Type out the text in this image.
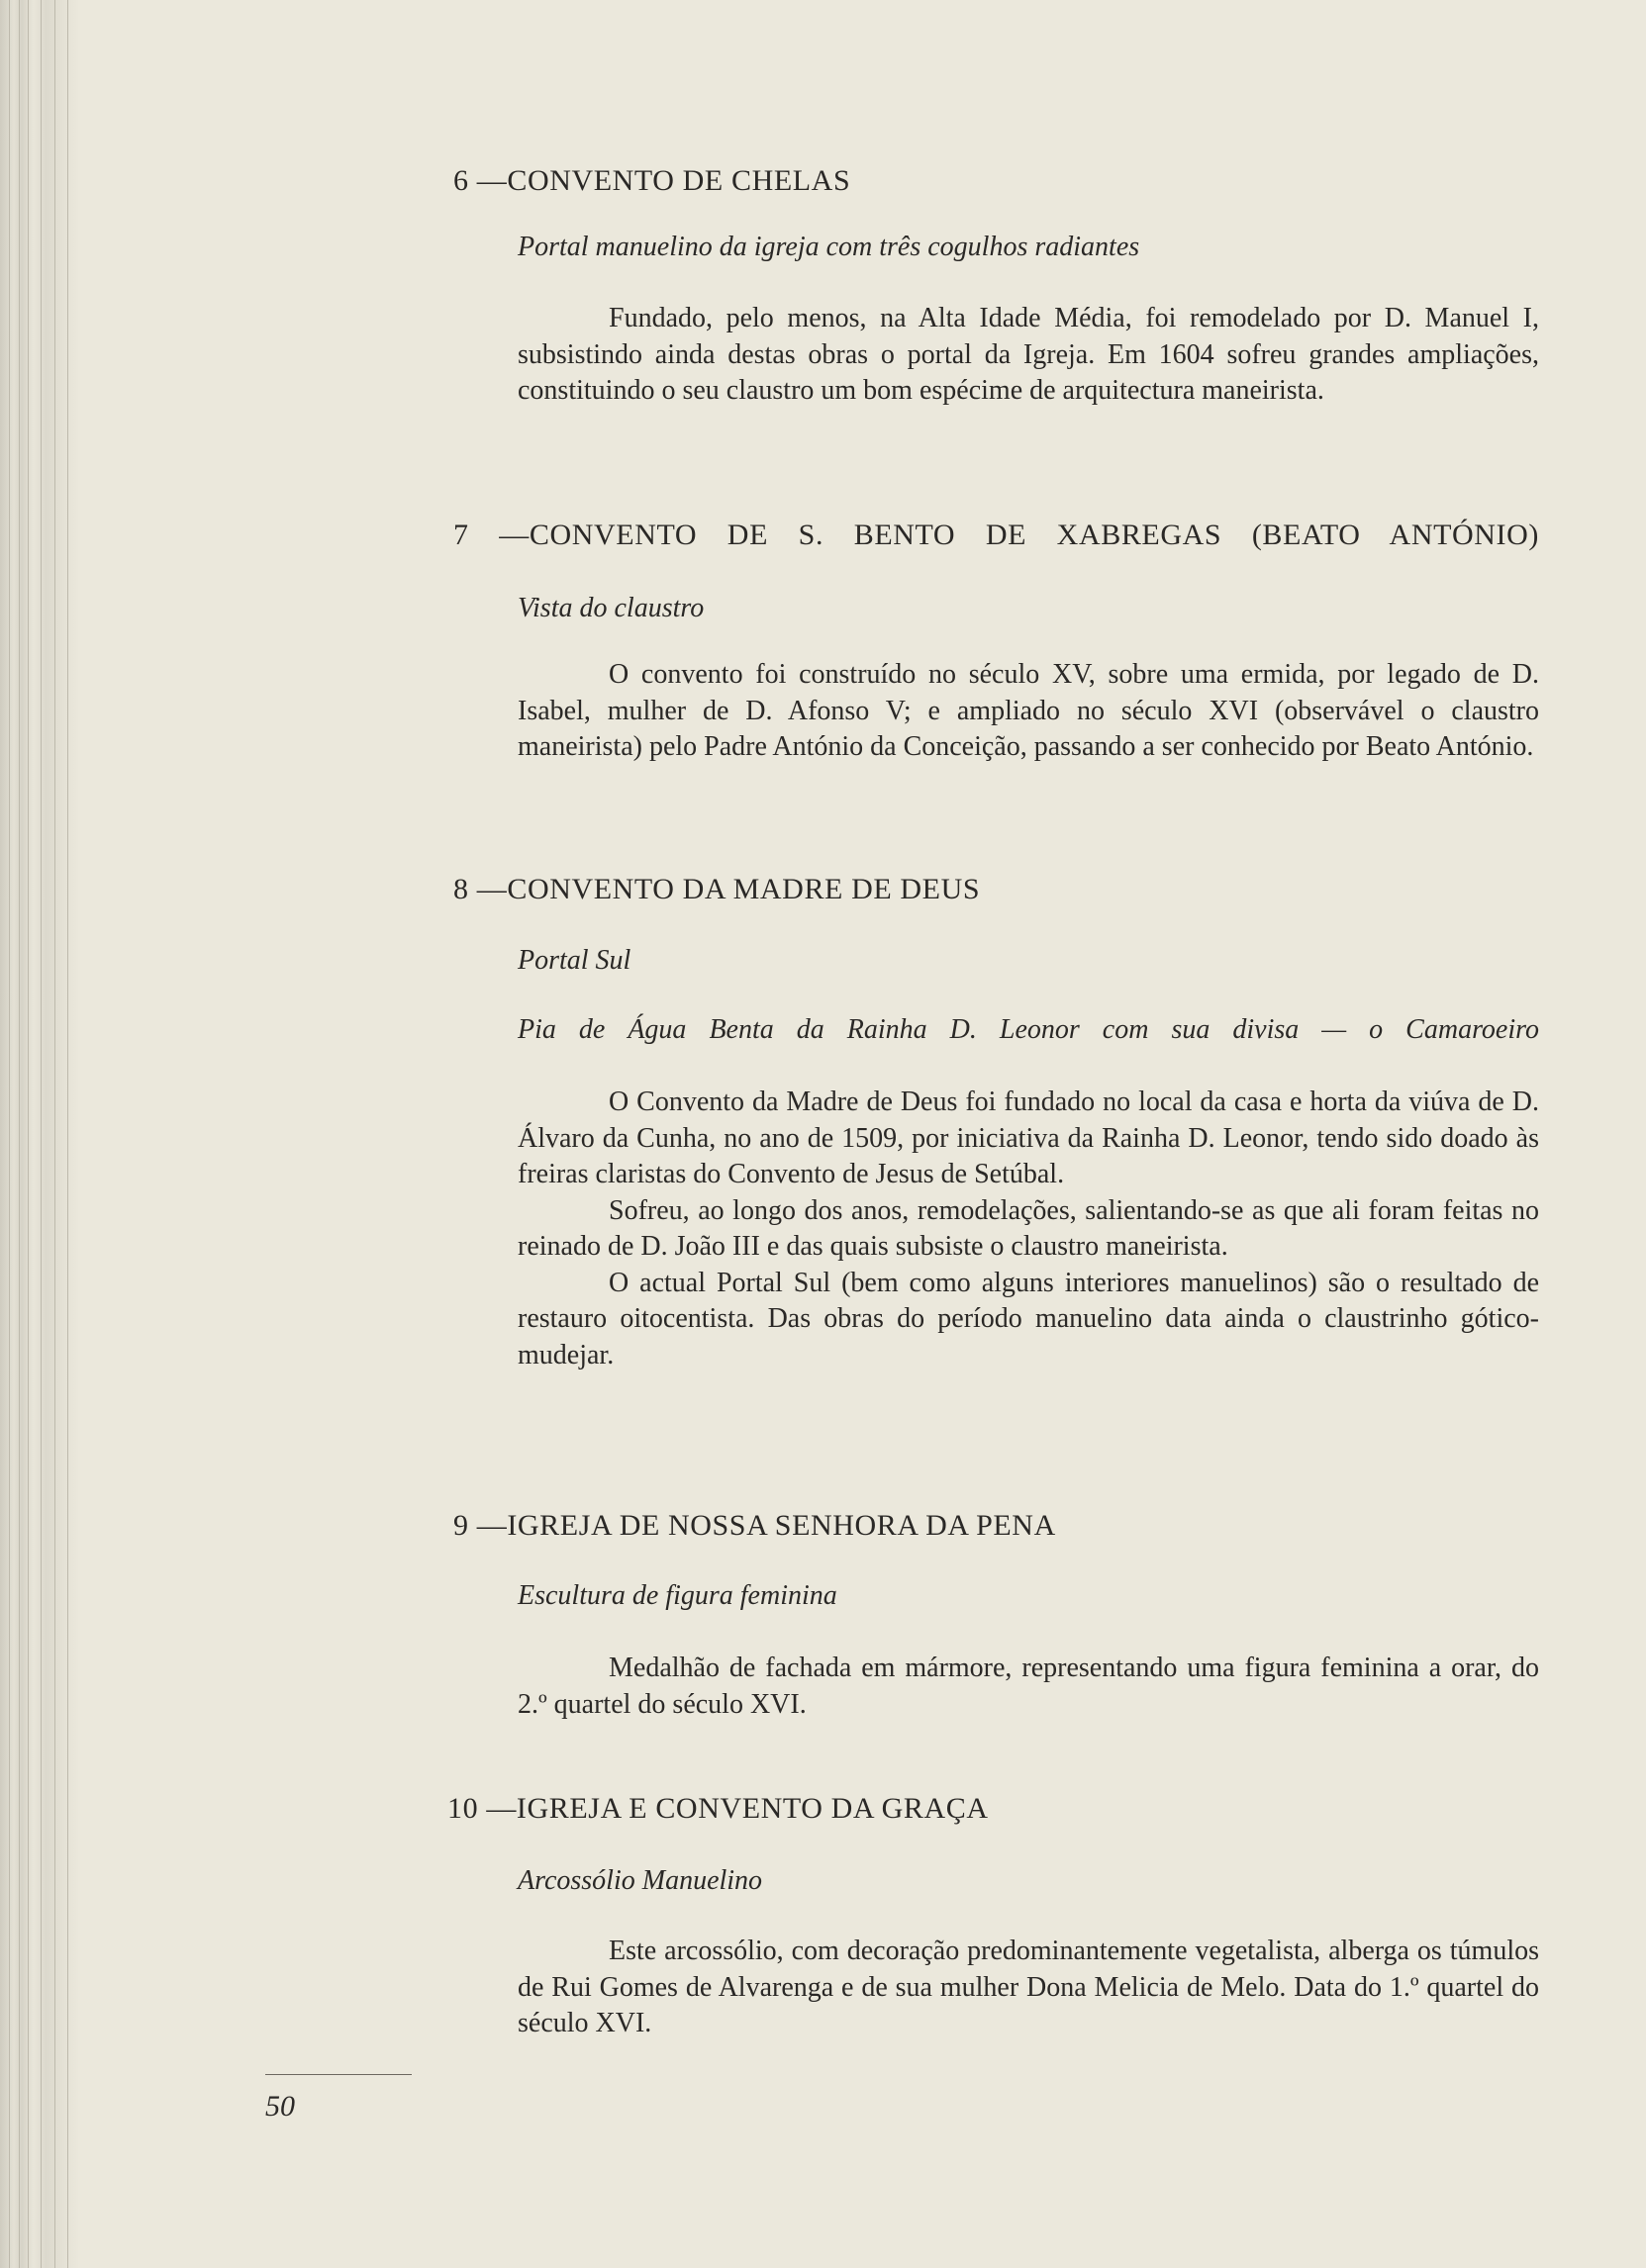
6 —CONVENTO DE CHELAS
Portal manuelino da igreja com três cogulhos radiantes

Fundado, pelo menos, na Alta Idade Média, foi remodelado por D. Manuel I, subsistindo ainda destas obras o portal da Igreja. Em 1604 sofreu grandes ampliações, constituindo o seu claustro um bom espécime de arquitectura maneirista.

7 —CONVENTO DE S. BENTO DE XABREGAS (BEATO ANTÓNIO)
Vista do claustro

O convento foi construído no século XV, sobre uma ermida, por legado de D. Isabel, mulher de D. Afonso V; e ampliado no século XVI (observável o claustro maneirista) pelo Padre António da Conceição, passando a ser conhecido por Beato António.

8 —CONVENTO DA MADRE DE DEUS
Portal Sul
Pia de Água Benta da Rainha D. Leonor com sua divisa — o Camaroeiro

O Convento da Madre de Deus foi fundado no local da casa e horta da viúva de D. Álvaro da Cunha, no ano de 1509, por iniciativa da Rainha D. Leonor, tendo sido doado às freiras claristas do Convento de Jesus de Setúbal.

Sofreu, ao longo dos anos, remodelações, salientando-se as que ali foram feitas no reinado de D. João III e das quais subsiste o claustro maneirista.

O actual Portal Sul (bem como alguns interiores manuelinos) são o resultado de restauro oitocentista. Das obras do período manuelino data ainda o claustrinho gótico-mudejar.

9 —IGREJA DE NOSSA SENHORA DA PENA
Escultura de figura feminina

Medalhão de fachada em mármore, representando uma figura feminina a orar, do 2.º quartel do século XVI.

10 —IGREJA E CONVENTO DA GRAÇA
Arcossólio Manuelino

Este arcossólio, com decoração predominantemente vegetalista, alberga os túmulos de Rui Gomes de Alvarenga e de sua mulher Dona Melicia de Melo. Data do 1.º quartel do século XVI.

50
